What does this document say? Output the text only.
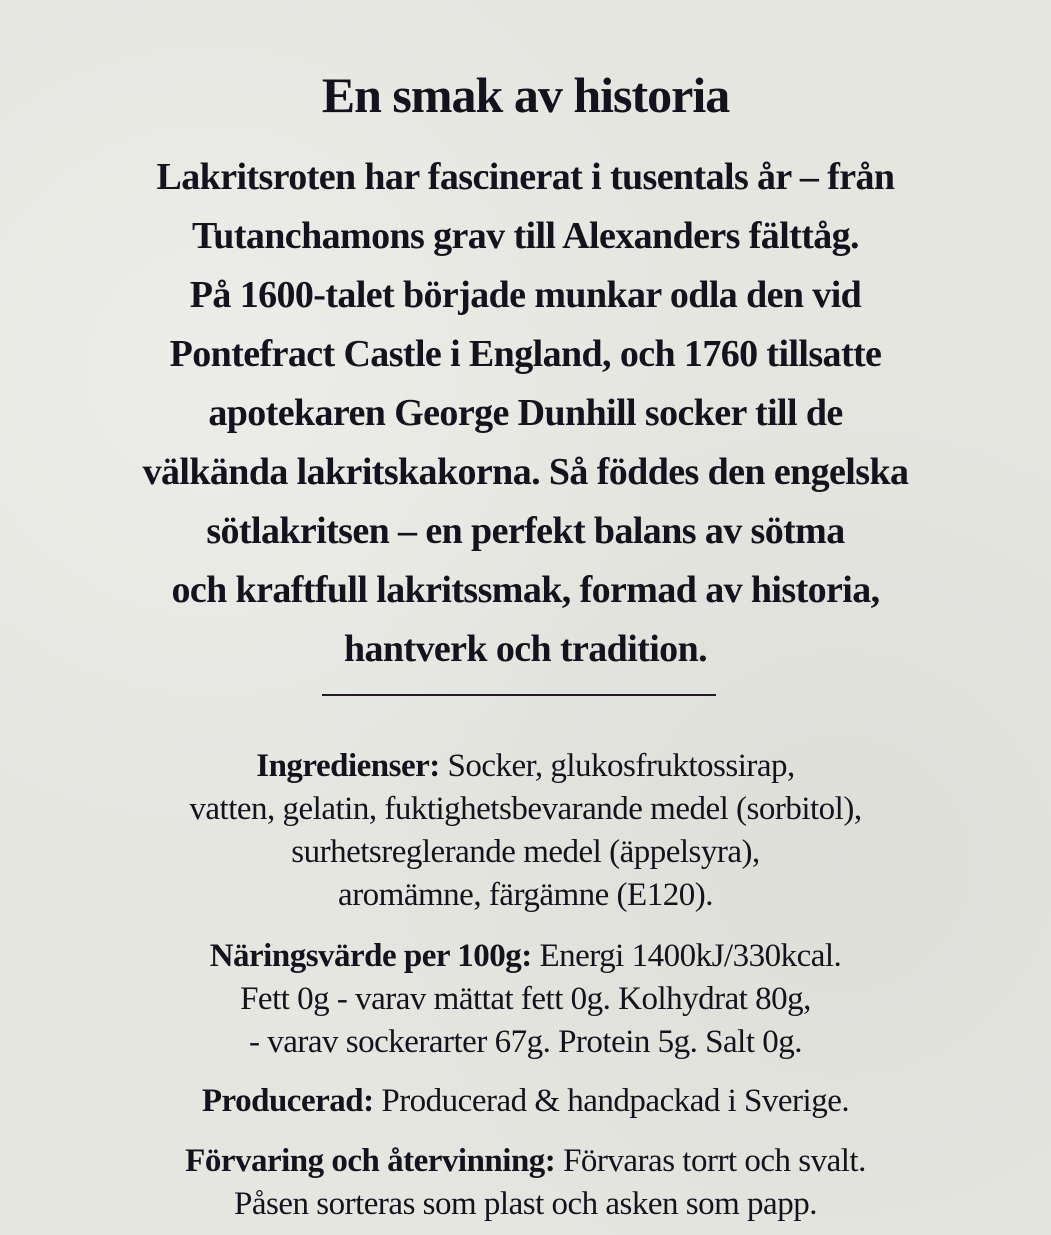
En smak av historia
Lakritsroten har fascinerat i tusentals år – från
Tutanchamons grav till Alexanders fälttåg.
På 1600-talet började munkar odla den vid
Pontefract Castle i England, och 1760 tillsatte
apotekaren George Dunhill socker till de
välkända lakritskakorna. Så föddes den engelska
sötlakritsen – en perfekt balans av sötma
och kraftfull lakritssmak, formad av historia,
hantverk och tradition.
Ingredienser: Socker, glukosfruktossirap,
vatten, gelatin, fuktighetsbevarande medel (sorbitol),
surhetsreglerande medel (äppelsyra),
aromämne, färgämne (E120).
Näringsvärde per 100g: Energi 1400kJ/330kcal.
Fett 0g - varav mättat fett 0g. Kolhydrat 80g,
- varav sockerarter 67g. Protein 5g. Salt 0g.
Producerad: Producerad & handpackad i Sverige.
Förvaring och återvinning: Förvaras torrt och svalt.
Påsen sorteras som plast och asken som papp.
